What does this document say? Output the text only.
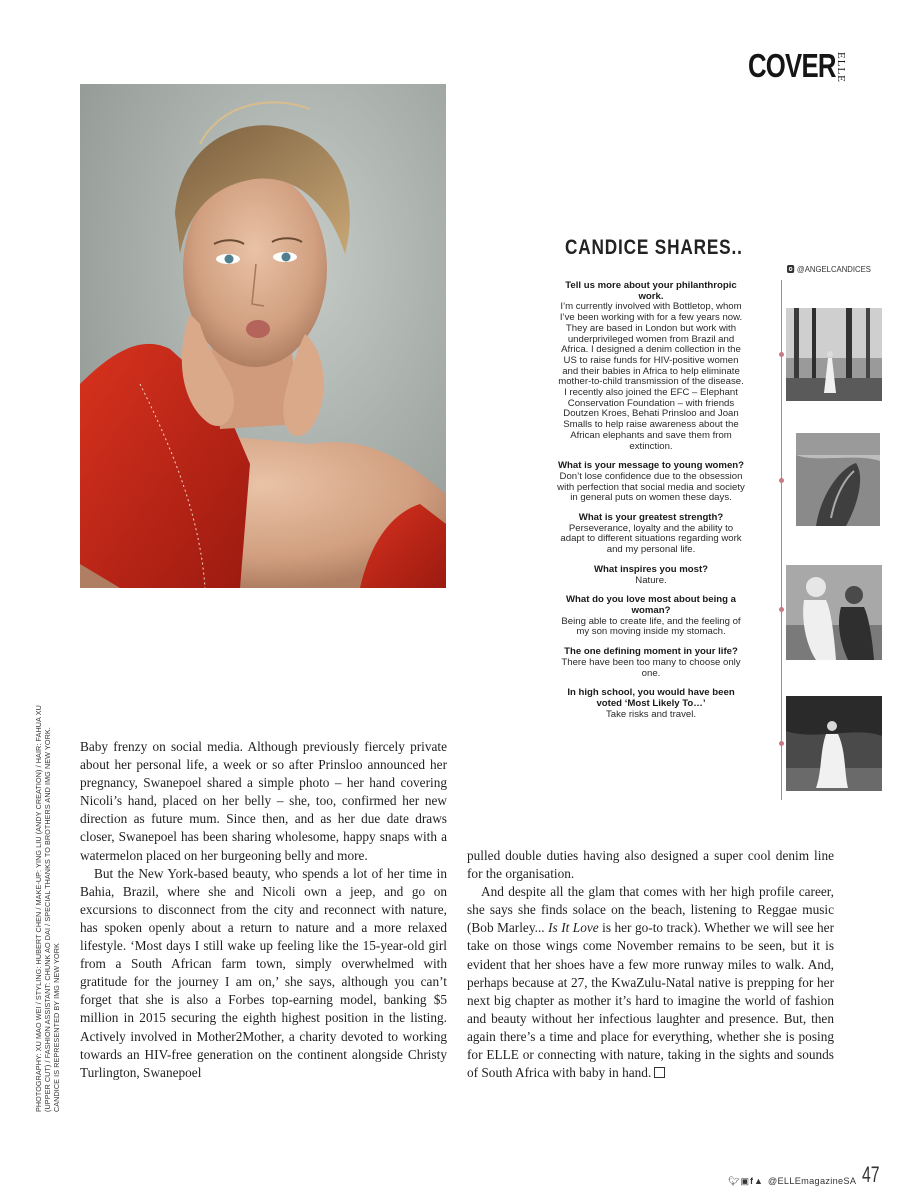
COVER ELLE
PHOTOGRAPHY: XU MAO WEI / STYLING: HUBERT CHEN / MAKE-UP: YING LIU (ANDY CREATION) / HAIR: FAHUA XU (UPPER CUT) / FASHION ASSISTANT: CHUNK AO DAI / SPECIAL THANKS TO BROTHERS AND IMG NEW YORK. CANDICE IS REPRESENTED BY IMG NEW YORK

Baby frenzy on social media. Although previously fiercely private about her personal life, a week or so after Prinsloo announced her pregnancy, Swanepoel shared a simple photo – her hand covering Nicoli’s hand, placed on her belly – she, too, confirmed her new direction as future mum. Since then, and as her due date draws closer, Swanepoel has been sharing wholesome, happy snaps with a watermelon placed on her burgeoning belly and more.

But the New York-based beauty, who spends a lot of her time in Bahia, Brazil, where she and Nicoli own a jeep, and go on excursions to disconnect from the city and reconnect with nature, has spoken openly about a return to nature and a more relaxed lifestyle. ‘Most days I still wake up feeling like the 15-year-old girl from a South African farm town, simply overwhelmed with gratitude for the journey I am on,’ she says, although you can’t forget that she is also a Forbes top-earning model, banking $5 million in 2015 securing the eighth highest position in the listing. Actively involved in Mother2Mother, a charity devoted to working towards an HIV-free generation on the continent alongside Christy Turlington, Swanepoel

pulled double duties having also designed a super cool denim line for the organisation.

And despite all the glam that comes with her high profile career, she says she finds solace on the beach, listening to Reggae music (Bob Marley... Is It Love is her go-to track). Whether we will see her take on those wings come November remains to be seen, but it is evident that her shoes have a few more runway miles to walk. And, perhaps because at 27, the KwaZulu-Natal native is prepping for her next big chapter as mother it’s hard to imagine the world of fashion and beauty without her infectious laughter and presence. But, then again there’s a time and place for everything, whether she is posing for ELLE or connecting with nature, taking in the sights and sounds of South Africa with baby in hand.

CANDICE SHARES..
Tell us more about your philanthropic work.
I’m currently involved with Bottletop, whom I’ve been working with for a few years now. They are based in London but work with underprivileged women from Brazil and Africa. I designed a denim collection in the US to raise funds for HIV-positive women and their babies in Africa to help eliminate mother-to-child transmission of the disease. I recently also joined the EFC – Elephant Conservation Foundation – with friends Doutzen Kroes, Behati Prinsloo and Joan Smalls to help raise awareness about the African elephants and save them from extinction.
What is your message to young women?
Don’t lose confidence due to the obsession with perfection that social media and society in general puts on women these days.
What is your greatest strength?
Perseverance, loyalty and the ability to adapt to different situations regarding work and my personal life.
What inspires you most?
Nature.
What do you love most about being a woman?
Being able to create life, and the feeling of my son moving inside my stomach.
The one defining moment in your life?
There have been too many to choose only one.
In high school, you would have been voted ‘Most Likely To…’
Take risks and travel.
@ANGELCANDICES
🐦︎▣f▲ @ELLEmagazineSA 47
